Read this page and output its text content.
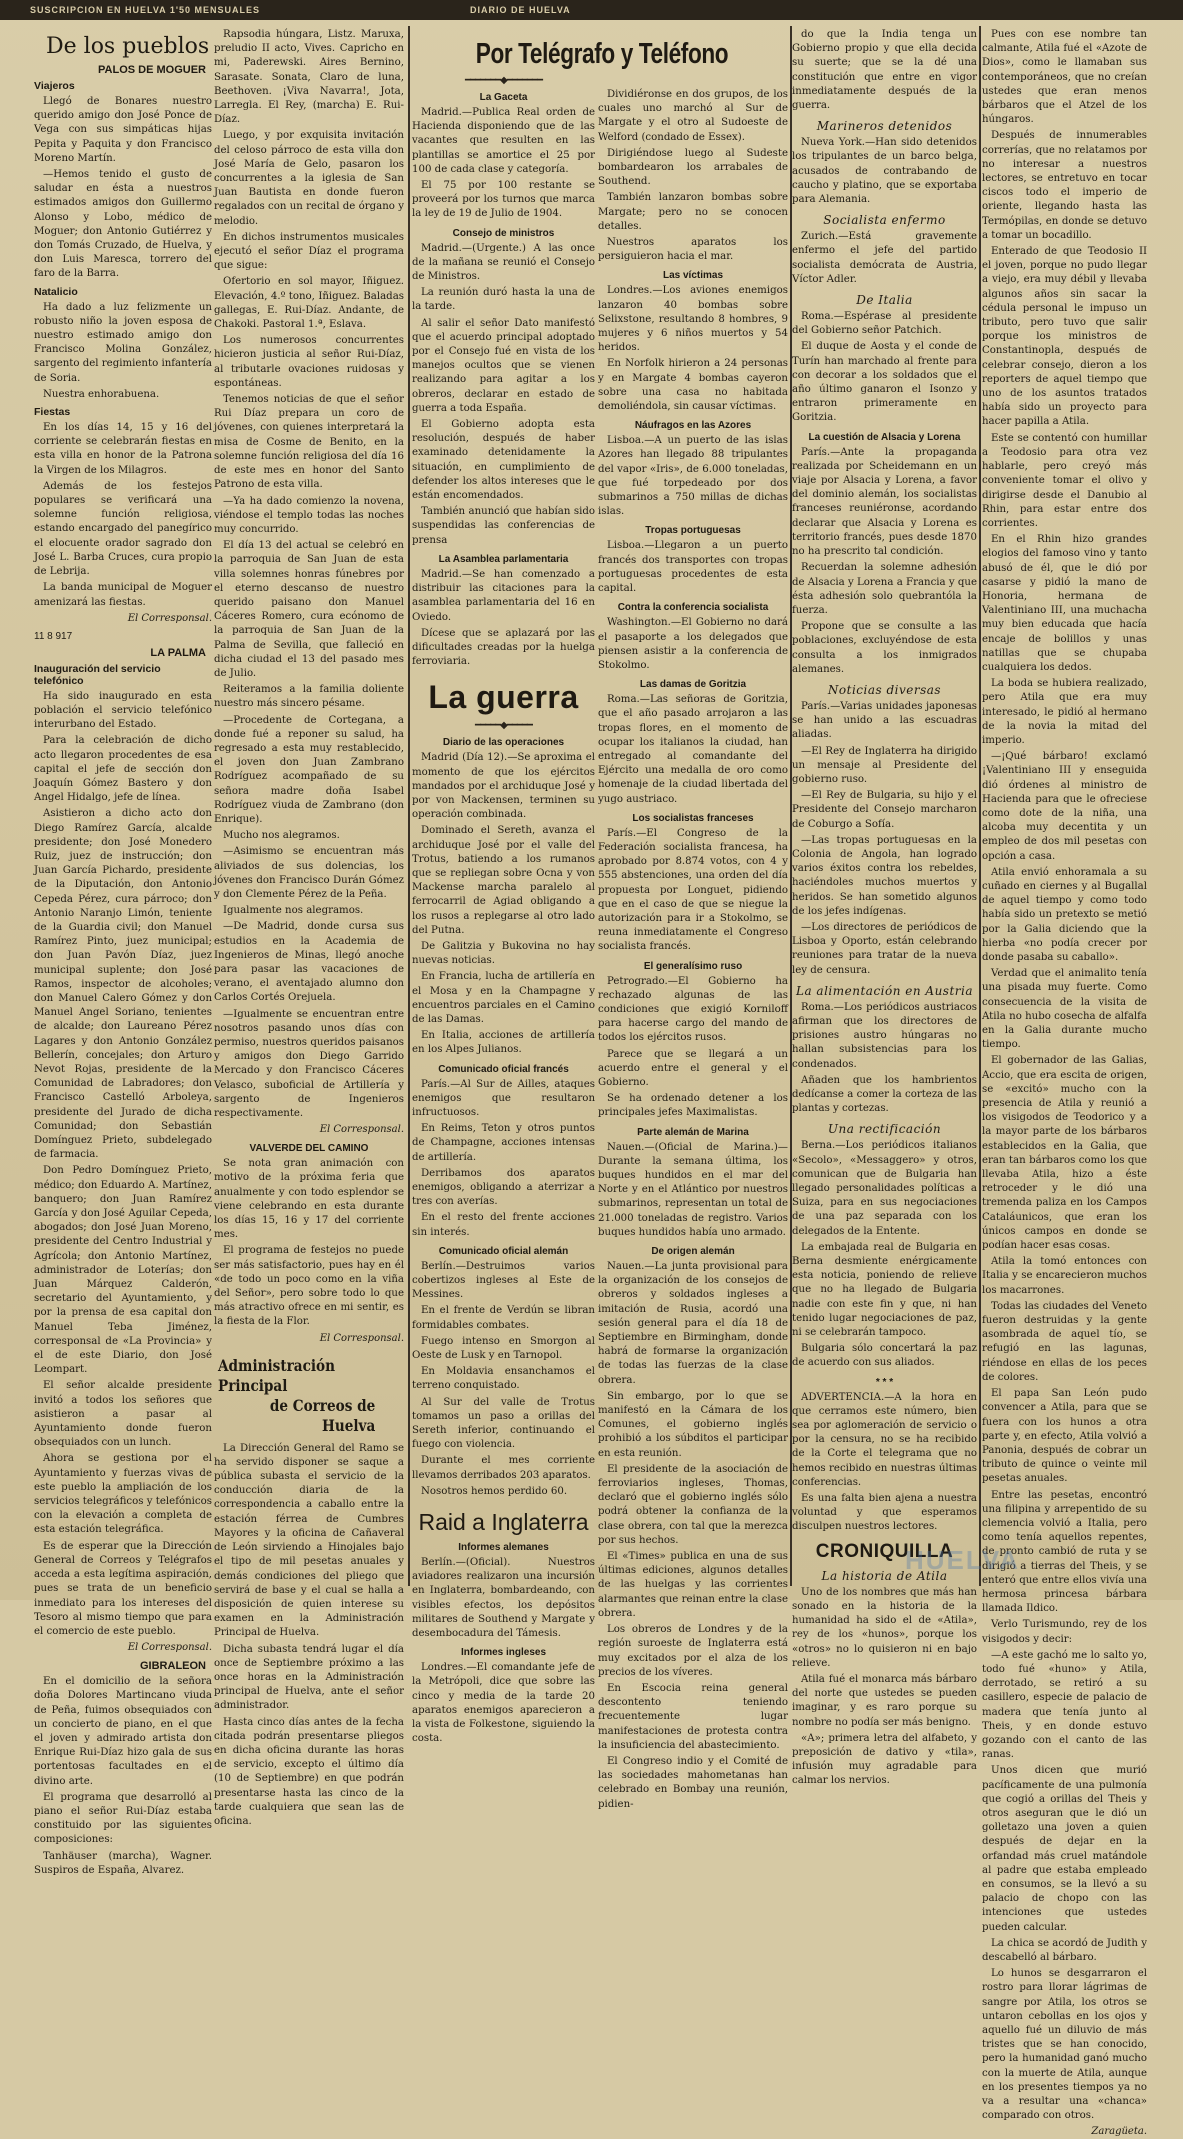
SUSCRIPCION EN HUELVA 1'50 MENSUALES	DIARIO DE HUELVA
De los pueblos
PALOS DE MOGUER
Viajeros

Llegó de Bonares nuestro querido amigo don José Ponce de Vega con sus simpáticas hijas Pepita y Paquita y don Francisco Moreno Martín.

—Hemos tenido el gusto de saludar en ésta a nuestros estimados amigos don Guillermo Alonso y Lobo, médico de Moguer; don Antonio Gutiérrez y don Tomás Cruzado, de Huelva, y don Luis Maresca, torrero del faro de la Barra.

Natalicio

Ha dado a luz felizmente un robusto niño la joven esposa de nuestro estimado amigo don Francisco Molina González, sargento del regimiento infantería de Soria.

Nuestra enhorabuena.

Fiestas

En los días 14, 15 y 16 del corriente se celebrarán fiestas en esta villa en honor de la Patrona la Virgen de los Milagros.

Además de los festejos populares se verificará una solemne función religiosa, estando encargado del panegírico el elocuente orador sagrado don José L. Barba Cruces, cura propio de Lebrija.

La banda municipal de Moguer amenizará las fiestas.

El Corresponsal.

11 8 917
LA PALMA
Inauguración del servicio telefónico

Ha sido inaugurado en esta población el servicio telefónico interurbano del Estado.

Para la celebración de dicho acto llegaron procedentes de esa capital el jefe de sección don Joaquín Gómez Bastero y don Angel Hidalgo, jefe de línea.

Asistieron a dicho acto don Diego Ramírez García, alcalde presidente; don José Monedero Ruiz, juez de instrucción; don Juan García Pichardo, presidente de la Diputación, don Antonio Cepeda Pérez, cura párroco; don Antonio Naranjo Limón, teniente de la Guardia civil; don Manuel Ramírez Pinto, juez municipal; don Juan Pavón Díaz, juez municipal suplente; don José Ramos, inspector de alcoholes; don Manuel Calero Gómez y don Manuel Angel Soriano, tenientes de alcalde; don Laureano Pérez Lagares y don Antonio González Bellerín, concejales; don Arturo Nevot Rojas, presidente de la Comunidad de Labradores; don Francisco Castelló Arboleya, presidente del Jurado de dicha Comunidad; don Sebastián Domínguez Prieto, subdelegado de farmacia.

Don Pedro Domínguez Prieto, médico; don Eduardo A. Martínez, banquero; don Juan Ramírez García y don José Aguilar Cepeda, abogados; don José Juan Moreno, presidente del Centro Industrial y Agrícola; don Antonio Martínez, administrador de Loterías; don Juan Márquez Calderón, secretario del Ayuntamiento, y por la prensa de esa capital don Manuel Teba Jiménez, corresponsal de «La Provincia» y el de este Diario, don José Leompart.

El señor alcalde presidente invitó a todos los señores que asistieron a pasar al Ayuntamiento donde fueron obsequiados con un lunch.

Ahora se gestiona por el Ayuntamiento y fuerzas vivas de este pueblo la ampliación de los servicios telegráficos y telefónicos con la elevación a completa de esta estación telegráfica.

Es de esperar que la Dirección General de Correos y Telégrafos acceda a esta legítima aspiración, pues se trata de un beneficio inmediato para los intereses del Tesoro al mismo tiempo que para el comercio de este pueblo.

El Corresponsal.

GIBRALEON

En el domicilio de la señora doña Dolores Martincano viuda de Peña, fuimos obsequiados con un concierto de piano, en el que el joven y admirado artista don Enrique Rui-Díaz hizo gala de sus portentosas facultades en el divino arte.

El programa que desarrolló al piano el señor Rui-Díaz estaba constituido por las siguientes composiciones:

Tanhäuser (marcha), Wagner. Suspiros de España, Alvarez.

Rapsodia húngara, Listz. Maruxa, preludio II acto, Vives. Capricho en mi, Paderewski. Aires Bernino, Sarasate. Sonata, Claro de luna, Beethoven. ¡Viva Navarra!, Jota, Larregla. El Rey, (marcha) E. Rui-Díaz.

Luego, y por exquisita invitación del celoso párroco de esta villa don José María de Gelo, pasaron los concurrentes a la iglesia de San Juan Bautista en donde fueron regalados con un recital de órgano y melodio.

En dichos instrumentos musicales ejecutó el señor Díaz el programa que sigue:

Ofertorio en sol mayor, Iñiguez. Elevación, 4.º tono, Iñiguez. Baladas gallegas, E. Rui-Díaz. Andante, de Chakoki. Pastoral 1.ª, Eslava.

Los numerosos concurrentes hicieron justicia al señor Rui-Díaz, al tributarle ovaciones ruidosas y espontáneas.

Tenemos noticias de que el señor Rui Díaz prepara un coro de jóvenes, con quienes interpretará la misa de Cosme de Benito, en la solemne función religiosa del día 16 de este mes en honor del Santo Patrono de esta villa.

—Ya ha dado comienzo la novena, viéndose el templo todas las noches muy concurrido.

El día 13 del actual se celebró en la parroquia de San Juan de esta villa solemnes honras fúnebres por el eterno descanso de nuestro querido paisano don Manuel Cáceres Romero, cura ecónomo de la parroquia de San Juan de la Palma de Sevilla, que falleció en dicha ciudad el 13 del pasado mes de Julio.

Reiteramos a la familia doliente nuestro más sincero pésame.

—Procedente de Cortegana, a donde fué a reponer su salud, ha regresado a esta muy restablecido, el joven don Juan Zambrano Rodríguez acompañado de su señora madre doña Isabel Rodríguez viuda de Zambrano (don Enrique).

Mucho nos alegramos.

—Asimismo se encuentran más aliviados de sus dolencias, los jóvenes don Francisco Durán Gómez y don Clemente Pérez de la Peña.

Igualmente nos alegramos.

—De Madrid, donde cursa sus estudios en la Academia de Ingenieros de Minas, llegó anoche para pasar las vacaciones de verano, el aventajado alumno don Carlos Cortés Orejuela.

—Igualmente se encuentran entre nosotros pasando unos días con permiso, nuestros queridos paisanos y amigos don Diego Garrido Mercado y don Francisco Cáceres Velasco, suboficial de Artillería y sargento de Ingenieros respectivamente.

El Corresponsal.

VALVERDE DEL CAMINO

Se nota gran animación con motivo de la próxima feria que anualmente y con todo esplendor se viene celebrando en esta durante los días 15, 16 y 17 del corriente mes.

El programa de festejos no puede ser más satisfactorio, pues hay en él «de todo un poco como en la viña del Señor», pero sobre todo lo que más atractivo ofrece en mi sentir, es la fiesta de la Flor.

El Corresponsal.

Administración Principal
de Correos de Huelva

La Dirección General del Ramo se ha servido disponer se saque a pública subasta el servicio de la conducción diaria de la correspondencia a caballo entre la estación férrea de Cumbres Mayores y la oficina de Cañaveral de León sirviendo a Hinojales bajo el tipo de mil pesetas anuales y demás condiciones del pliego que servirá de base y el cual se halla a disposición de quien interese su examen en la Administración Principal de Huelva.

Dicha subasta tendrá lugar el día once de Septiembre próximo a las once horas en la Administración principal de Huelva, ante el señor administrador.

Hasta cinco días antes de la fecha citada podrán presentarse pliegos en dicha oficina durante las horas de servicio, excepto el último día (10 de Septiembre) en que podrán presentarse hasta las cinco de la tarde cualquiera que sean las de oficina.

Por Telégrafo y Teléfono
━━━━━━━◆━━━━━━━
La Gaceta

Madrid.—Publica Real orden de Hacienda disponiendo que de las vacantes que resulten en las plantillas se amortice el 25 por 100 de cada clase y categoría.

El 75 por 100 restante se proveerá por los turnos que marca la ley de 19 de Julio de 1904.

Consejo de ministros

Madrid.—(Urgente.) A las once de la mañana se reunió el Consejo de Ministros.

La reunión duró hasta la una de la tarde.

Al salir el señor Dato manifestó que el acuerdo principal adoptado por el Consejo fué en vista de los manejos ocultos que se vienen realizando para agitar a los obreros, declarar en estado de guerra a toda España.

El Gobierno adopta esta resolución, después de haber examinado detenidamente la situación, en cumplimiento de defender los altos intereses que le están encomendados.

También anunció que habían sido suspendidas las conferencias de prensa

La Asamblea parlamentaria

Madrid.—Se han comenzado a distribuir las citaciones para la asamblea parlamentaria del 16 en Oviedo.

Dícese que se aplazará por las dificultades creadas por la huelga ferroviaria.

La guerra
━━━━━◆━━━━━
Diario de las operaciones

Madrid (Día 12).—Se aproxima el momento de que los ejércitos mandados por el archiduque José y por von Mackensen, terminen su operación combinada.

Dominado el Sereth, avanza el archiduque José por el valle del Trotus, batiendo a los rumanos que se repliegan sobre Ocna y von Mackense marcha paralelo al ferrocarril de Agiad obligando a los rusos a replegarse al otro lado del Putna.

De Galitzia y Bukovina no hay nuevas noticias.

En Francia, lucha de artillería en el Mosa y en la Champagne y encuentros parciales en el Camino de las Damas.

En Italia, acciones de artillería en los Alpes Julianos.

Comunicado oficial francés

París.—Al Sur de Ailles, ataques enemigos que resultaron infructuosos.

En Reims, Teton y otros puntos de Champagne, acciones intensas de artillería.

Derribamos dos aparatos enemigos, obligando a aterrizar a tres con averías.

En el resto del frente acciones sin interés.

Comunicado oficial alemán

Berlín.—Destruimos varios cobertizos ingleses al Este de Messines.

En el frente de Verdún se libran formidables combates.

Fuego intenso en Smorgon al Oeste de Lusk y en Tarnopol.

En Moldavia ensanchamos el terreno conquistado.

Al Sur del valle de Trotus tomamos un paso a orillas del Sereth inferior, continuando el fuego con violencia.

Durante el mes corriente llevamos derribados 203 aparatos.

Nosotros hemos perdido 60.

Raid a Inglaterra
Informes alemanes

Berlín.—(Oficial). Nuestros aviadores realizaron una incursión en Inglaterra, bombardeando, con visibles efectos, los depósitos militares de Southend y Margate y desembocadura del Támesis.

Informes ingleses

Londres.—El comandante jefe de la Metrópoli, dice que sobre las cinco y media de la tarde 20 aparatos enemigos aparecieron a la vista de Folkestone, siguiendo la costa.

Dividiéronse en dos grupos, de los cuales uno marchó al Sur de Margate y el otro al Sudoeste de Welford (condado de Essex).

Dirigiéndose luego al Sudeste bombardearon los arrabales de Southend.

También lanzaron bombas sobre Margate; pero no se conocen detalles.

Nuestros aparatos los persiguieron hacia el mar.

Las víctimas

Londres.—Los aviones enemigos lanzaron 40 bombas sobre Selixstone, resultando 8 hombres, 9 mujeres y 6 niños muertos y 54 heridos.

En Norfolk hirieron a 24 personas y en Margate 4 bombas cayeron sobre una casa no habitada demoliéndola, sin causar víctimas.

Náufragos en las Azores

Lisboa.—A un puerto de las islas Azores han llegado 88 tripulantes del vapor «Iris», de 6.000 toneladas, que fué torpedeado por dos submarinos a 750 millas de dichas islas.

Tropas portuguesas

Lisboa.—Llegaron a un puerto francés dos transportes con tropas portuguesas procedentes de esta capital.

Contra la conferencia socialista

Washington.—El Gobierno no dará el pasaporte a los delegados que piensen asistir a la conferencia de Stokolmo.

Las damas de Goritzia

Roma.—Las señoras de Goritzia, que el año pasado arrojaron a las tropas flores, en el momento de ocupar los italianos la ciudad, han entregado al comandante del Ejército una medalla de oro como homenaje de la ciudad libertada del yugo austriaco.

Los socialistas franceses

París.—El Congreso de la Federación socialista francesa, ha aprobado por 8.874 votos, con 4 y 555 abstenciones, una orden del día propuesta por Longuet, pidiendo que en el caso de que se niegue la autorización para ir a Stokolmo, se reuna inmediatamente el Congreso socialista francés.

El generalísimo ruso

Petrogrado.—El Gobierno ha rechazado algunas de las condiciones que exigió Korniloff para hacerse cargo del mando de todos los ejércitos rusos.

Parece que se llegará a un acuerdo entre el general y el Gobierno.

Se ha ordenado detener a los principales jefes Maximalistas.

Parte alemán de Marina

Nauen.—(Oficial de Marina.)—Durante la semana última, los buques hundidos en el mar del Norte y en el Atlántico por nuestros submarinos, representan un total de 21.000 toneladas de registro. Varios buques hundidos había uno armado.

De origen alemán

Nauen.—La junta provisional para la organización de los consejos de obreros y soldados ingleses a imitación de Rusia, acordó una sesión general para el día 18 de Septiembre en Birmingham, donde habrá de formarse la organización de todas las fuerzas de la clase obrera.

Sin embargo, por lo que se manifestó en la Cámara de los Comunes, el gobierno inglés prohibió a los súbditos el participar en esta reunión.

El presidente de la asociación de ferroviarios ingleses, Thomas, declaró que el gobierno inglés sólo podrá obtener la confianza de la clase obrera, con tal que la merezca por sus hechos.

El «Times» publica en una de sus últimas ediciones, algunos detalles de las huelgas y las corrientes alarmantes que reinan entre la clase obrera.

Los obreros de Londres y de la región suroeste de Inglaterra está muy excitados por el alza de los precios de los víveres.

En Escocia reina general descontento teniendo frecuentemente lugar manifestaciones de protesta contra la insuficiencia del abastecimiento.

El Congreso indio y el Comité de las sociedades mahometanas han celebrado en Bombay una reunión, pidien-

do que la India tenga un Gobierno propio y que ella decida su suerte; que se la dé una constitución que entre en vigor inmediatamente después de la guerra.

Marineros detenidos

Nueva York.—Han sido detenidos los tripulantes de un barco belga, acusados de contrabando de caucho y platino, que se exportaba para Alemania.

Socialista enfermo

Zurich.—Está gravemente enfermo el jefe del partido socialista demócrata de Austria, Víctor Adler.

De Italia

Roma.—Espérase al presidente del Gobierno señor Patchich.

El duque de Aosta y el conde de Turín han marchado al frente para con decorar a los soldados que el año último ganaron el Isonzo y entraron primeramente en Goritzia.

La cuestión de Alsacia y Lorena

París.—Ante la propaganda realizada por Scheidemann en un viaje por Alsacia y Lorena, a favor del dominio alemán, los socialistas franceses reuniéronse, acordando declarar que Alsacia y Lorena es territorio francés, pues desde 1870 no ha prescrito tal condición.

Recuerdan la solemne adhesión de Alsacia y Lorena a Francia y que ésta adhesión solo quebrantóla la fuerza.

Propone que se consulte a las poblaciones, excluyéndose de esta consulta a los inmigrados alemanes.

Noticias diversas

París.—Varias unidades japonesas se han unido a las escuadras aliadas.

—El Rey de Inglaterra ha dirigido un mensaje al Presidente del gobierno ruso.

—El Rey de Bulgaria, su hijo y el Presidente del Consejo marcharon de Coburgo a Sofía.

—Las tropas portuguesas en la Colonia de Angola, han logrado varios éxitos contra los rebeldes, haciéndoles muchos muertos y heridos. Se han sometido algunos de los jefes indígenas.

—Los directores de periódicos de Lisboa y Oporto, están celebrando reuniones para tratar de la nueva ley de censura.

La alimentación en Austria

Roma.—Los periódicos austriacos afirman que los directores de prisiones austro húngaras no hallan subsistencias para los condenados.

Añaden que los hambrientos dedícanse a comer la corteza de las plantas y cortezas.

Una rectificación

Berna.—Los periódicos italianos «Secolo», «Messaggero» y otros, comunican que de Bulgaria han llegado personalidades políticas a Suiza, para en sus negociaciones de una paz separada con los delegados de la Entente.

La embajada real de Bulgaria en Berna desmiente enérgicamente esta noticia, poniendo de relieve que no ha llegado de Bulgaria nadie con este fin y que, ni han tenido lugar negociaciones de paz, ni se celebrarán tampoco.

Bulgaria sólo concertará la paz de acuerdo con sus aliados.

* * *

ADVERTENCIA.—A la hora en que cerramos este número, bien sea por aglomeración de servicio o por la censura, no se ha recibido de la Corte el telegrama que no hemos recibido en nuestras últimas conferencias.

Es una falta bien ajena a nuestra voluntad y que esperamos disculpen nuestros lectores.

CRONIQUILLA
La historia de Atila

Uno de los nombres que más han sonado en la historia de la humanidad ha sido el de «Atila», rey de los «hunos», porque los «otros» no lo quisieron ni en bajo relieve.

Atila fué el monarca más bárbaro del norte que ustedes se pueden imaginar, y es raro porque su nombre no podía ser más benigno.

«A»; primera letra del alfabeto, y preposición de dativo y «tila», infusión muy agradable para calmar los nervios.

Pues con ese nombre tan calmante, Atila fué el «Azote de Dios», como le llamaban sus contemporáneos, que no creían ustedes que eran menos bárbaros que el Atzel de los húngaros.

Después de innumerables correrías, que no relatamos por no interesar a nuestros lectores, se entretuvo en tocar ciscos todo el imperio de oriente, llegando hasta las Termópilas, en donde se detuvo a tomar un bocadillo.

Enterado de que Teodosio II el joven, porque no pudo llegar a viejo, era muy débil y llevaba algunos años sin sacar la cédula personal le impuso un tributo, pero tuvo que salir porque los ministros de Constantinopla, después de celebrar consejo, dieron a los reporters de aquel tiempo que uno de los asuntos tratados había sido un proyecto para hacer papilla a Atila.

Este se contentó con humillar a Teodosio para otra vez hablarle, pero creyó más conveniente tomar el olivo y dirigirse desde el Danubio al Rhin, para estar entre dos corrientes.

En el Rhin hizo grandes elogios del famoso vino y tanto abusó de él, que le dió por casarse y pidió la mano de Honoria, hermana de Valentiniano III, una muchacha muy bien educada que hacía encaje de bolillos y unas natillas que se chupaba cualquiera los dedos.

La boda se hubiera realizado, pero Atila que era muy interesado, le pidió al hermano de la novia la mitad del imperio.

—¡Qué bárbaro! exclamó ¡Valentiniano III y enseguida dió órdenes al ministro de Hacienda para que le ofreciese como dote de la niña, una alcoba muy decentita y un empleo de dos mil pesetas con opción a casa.

Atila envió enhoramala a su cuñado en ciernes y al Bugallal de aquel tiempo y como todo había sido un pretexto se metió por la Galia diciendo que la hierba «no podía crecer por donde pasaba su caballo».

Verdad que el animalito tenía una pisada muy fuerte. Como consecuencia de la visita de Atila no hubo cosecha de alfalfa en la Galia durante mucho tiempo.

El gobernador de las Galias, Accio, que era escita de origen, se «excitó» mucho con la presencia de Atila y reunió a los visigodos de Teodorico y a la mayor parte de los bárbaros establecidos en la Galia, que eran tan bárbaros como los que llevaba Atila, hizo a éste retroceder y le dió una tremenda paliza en los Campos Cataláunicos, que eran los únicos campos en donde se podían hacer esas cosas.

Atila la tomó entonces con Italia y se encarecieron muchos los macarrones.

Todas las ciudades del Veneto fueron destruidas y la gente asombrada de aquel tío, se refugió en las lagunas, riéndose en ellas de los peces de colores.

El papa San León pudo convencer a Atila, para que se fuera con los hunos a otra parte y, en efecto, Atila volvió a Panonia, después de cobrar un tributo de quince o veinte mil pesetas anuales.

Entre las pesetas, encontró una filipina y arrepentido de su clemencia volvió a Italia, pero como tenía aquellos repentes, de pronto cambió de ruta y se dirigió a tierras del Theis, y se enteró que entre ellos vivía una hermosa princesa bárbara llamada Ildico.

Verlo Turismundo, rey de los visigodos y decir:

—A este gachó me lo salto yo, todo fué «huno» y Atila, derrotado, se retiró a su casillero, especie de palacio de madera que tenía junto al Theis, y en donde estuvo gozando con el canto de las ranas.

Unos dicen que murió pacíficamente de una pulmonía que cogió a orillas del Theis y otros aseguran que le dió un golletazo una joven a quien después de dejar en la orfandad más cruel matándole al padre que estaba empleado en consumos, se la llevó a su palacio de chopo con las intenciones que ustedes pueden calcular.

La chica se acordó de Judith y descabelló al bárbaro.

Lo hunos se desgarraron el rostro para llorar lágrimas de sangre por Atila, los otros se untaron cebollas en los ojos y aquello fué un diluvio de más tristes que se han conocido, pero la humanidad ganó mucho con la muerte de Atila, aunque en los presentes tiempos ya no va a resultar una «chanca» comparado con otros.

Zaragüeta.

HUELVA
